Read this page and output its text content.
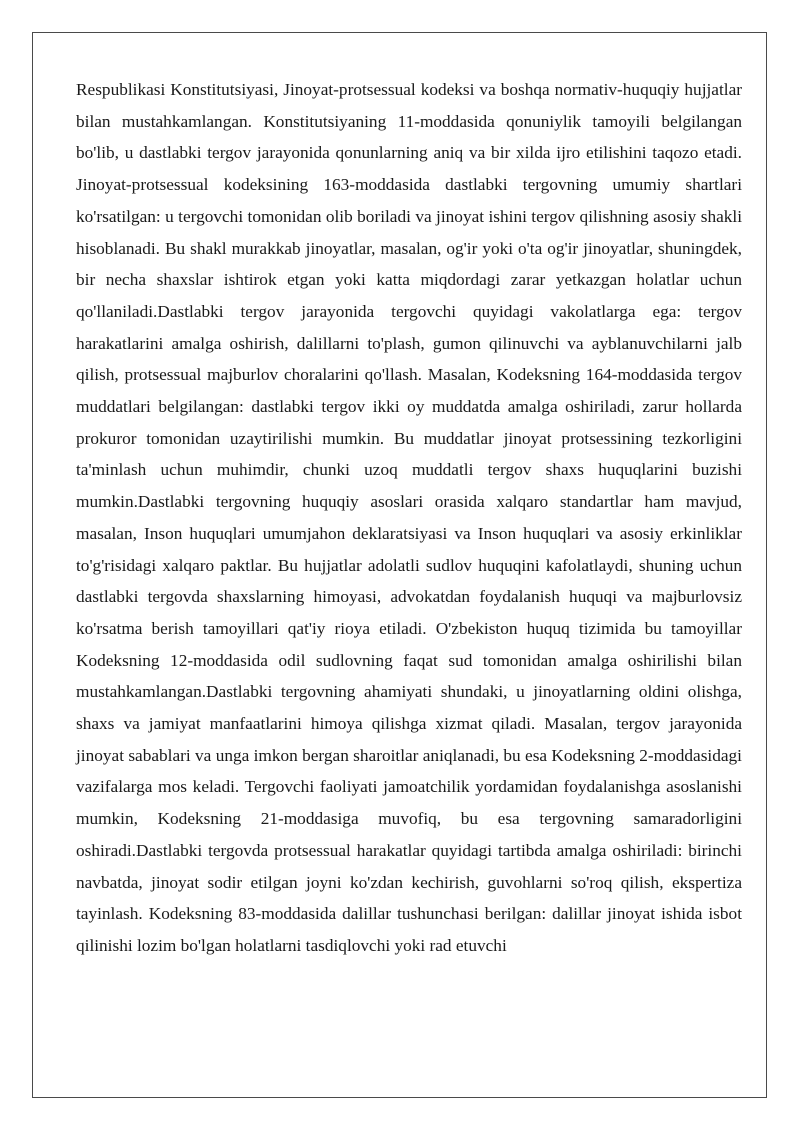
Respublikasi Konstitutsiyasi, Jinoyat-protsessual kodeksi va boshqa normativ-huquqiy hujjatlar bilan mustahkamlangan. Konstitutsiyaning 11-moddasida qonuniylik tamoyili belgilangan bo'lib, u dastlabki tergov jarayonida qonunlarning aniq va bir xilda ijro etilishini taqozo etadi. Jinoyat-protsessual kodeksining 163-moddasida dastlabki tergovning umumiy shartlari ko'rsatilgan: u tergovchi tomonidan olib boriladi va jinoyat ishini tergov qilishning asosiy shakli hisoblanadi. Bu shakl murakkab jinoyatlar, masalan, og'ir yoki o'ta og'ir jinoyatlar, shuningdek, bir necha shaxslar ishtirok etgan yoki katta miqdordagi zarar yetkazgan holatlar uchun qo'llaniladi.Dastlabki tergov jarayonida tergovchi quyidagi vakolatlarga ega: tergov harakatlarini amalga oshirish, dalillarni to'plash, gumon qilinuvchi va ayblanuvchilarni jalb qilish, protsessual majburlov choralarini qo'llash. Masalan, Kodeksning 164-moddasida tergov muddatlari belgilangan: dastlabki tergov ikki oy muddatda amalga oshiriladi, zarur hollarda prokuror tomonidan uzaytirilishi mumkin. Bu muddatlar jinoyat protsessining tezkorligini ta'minlash uchun muhimdir, chunki uzoq muddatli tergov shaxs huquqlarini buzishi mumkin.Dastlabki tergovning huquqiy asoslari orasida xalqaro standartlar ham mavjud, masalan, Inson huquqlari umumjahon deklaratsiyasi va Inson huquqlari va asosiy erkinliklar to'g'risidagi xalqaro paktlar. Bu hujjatlar adolatli sudlov huquqini kafolatlaydi, shuning uchun dastlabki tergovda shaxslarning himoyasi, advokatdan foydalanish huquqi va majburlovsiz ko'rsatma berish tamoyillari qat'iy rioya etiladi. O'zbekiston huquq tizimida bu tamoyillar Kodeksning 12-moddasida odil sudlovning faqat sud tomonidan amalga oshirilishi bilan mustahkamlangan.Dastlabki tergovning ahamiyati shundaki, u jinoyatlarning oldini olishga, shaxs va jamiyat manfaatlarini himoya qilishga xizmat qiladi. Masalan, tergov jarayonida jinoyat sabablari va unga imkon bergan sharoitlar aniqlanadi, bu esa Kodeksning 2-moddasidagi vazifalarga mos keladi. Tergovchi faoliyati jamoatchilik yordamidan foydalanishga asoslanishi mumkin, Kodeksning 21-moddasiga muvofiq, bu esa tergovning samaradorligini oshiradi.Dastlabki tergovda protsessual harakatlar quyidagi tartibda amalga oshiriladi: birinchi navbatda, jinoyat sodir etilgan joyni ko'zdan kechirish, guvohlarni so'roq qilish, ekspertiza tayinlash. Kodeksning 83-moddasida dalillar tushunchasi berilgan: dalillar jinoyat ishida isbot qilinishi lozim bo'lgan holatlarni tasdiqlovchi yoki rad etuvchi
